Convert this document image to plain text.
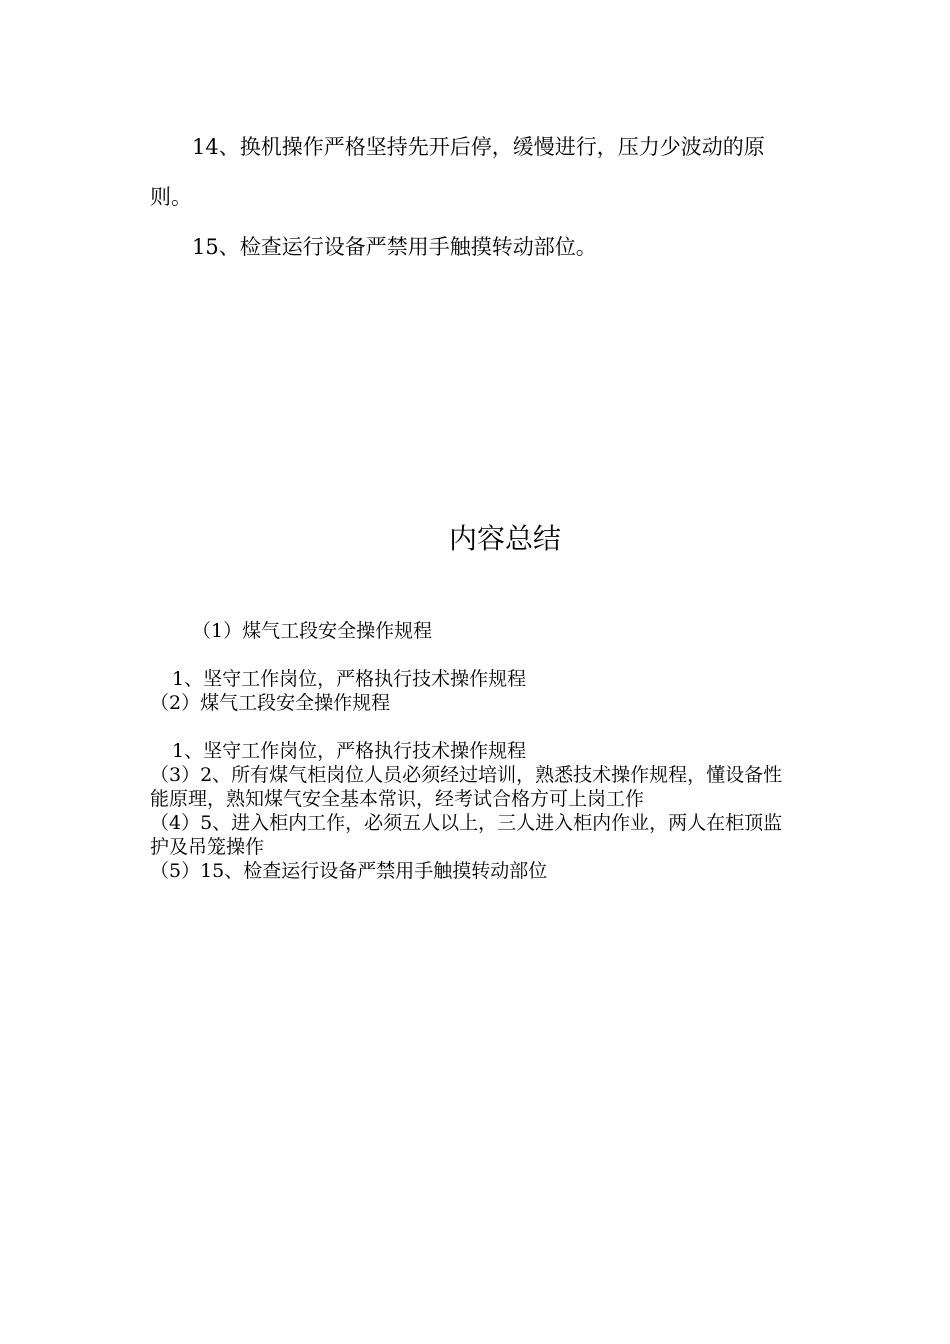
14、换机操作严格坚持先开后停，缓慢进行，压力少波动的原则。

15、检查运行设备严禁用手触摸转动部位。

内容总结

（1）煤气工段安全操作规程

1、坚守工作岗位，严格执行技术操作规程

（2）煤气工段安全操作规程

1、坚守工作岗位，严格执行技术操作规程

（3）2、所有煤气柜岗位人员必须经过培训，熟悉技术操作规程，懂设备性能原理，熟知煤气安全基本常识，经考试合格方可上岗工作

（4）5、进入柜内工作，必须五人以上，三人进入柜内作业，两人在柜顶监护及吊笼操作

（5）15、检查运行设备严禁用手触摸转动部位
